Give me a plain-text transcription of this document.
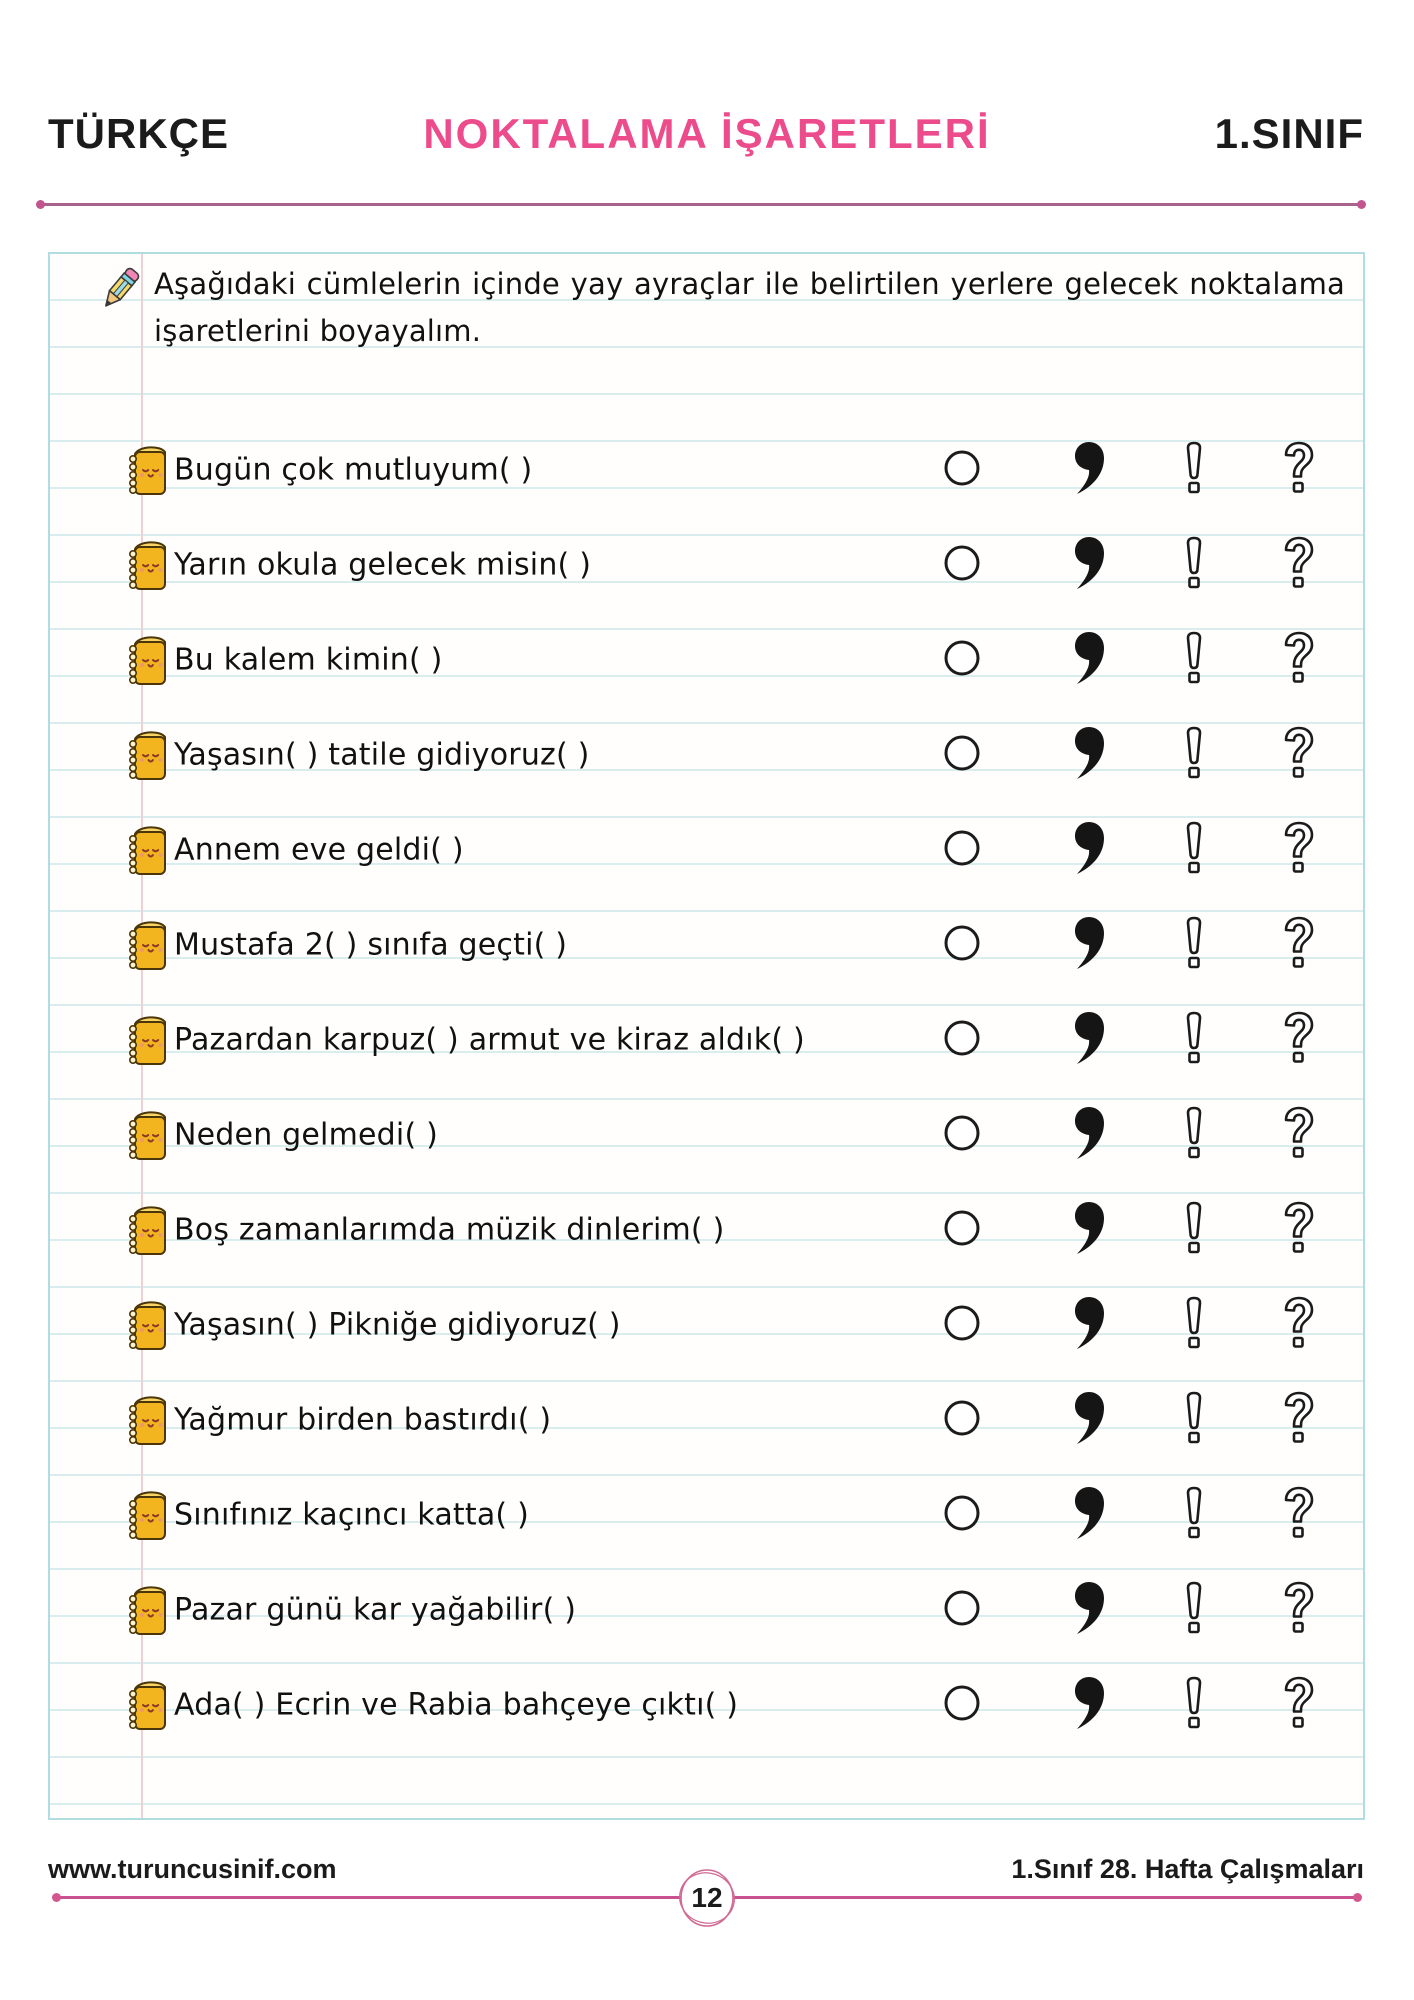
TÜRKÇE	NOKTALAMA İŞARETLERİ	1.SINIF
Aşağıdaki cümlelerin içinde yay ayraçlar ile belirtilen yerlere gelecek noktalama işaretlerini boyayalım.
Bugün çok mutluyum( )
Yarın okula gelecek misin( )
Bu kalem kimin( )
Yaşasın( ) tatile gidiyoruz( )
Annem eve geldi( )
Mustafa 2( ) sınıfa geçti( )
Pazardan karpuz( ) armut ve kiraz aldık( )
Neden gelmedi( )
Boş zamanlarımda müzik dinlerim( )
Yaşasın( ) Pikniğe gidiyoruz( )
Yağmur birden bastırdı( )
Sınıfınız kaçıncı katta( )
Pazar günü kar yağabilir( )
Ada( ) Ecrin ve Rabia bahçeye çıktı( )
www.turuncusinif.com	1.Sınıf 28. Hafta Çalışmaları
12
